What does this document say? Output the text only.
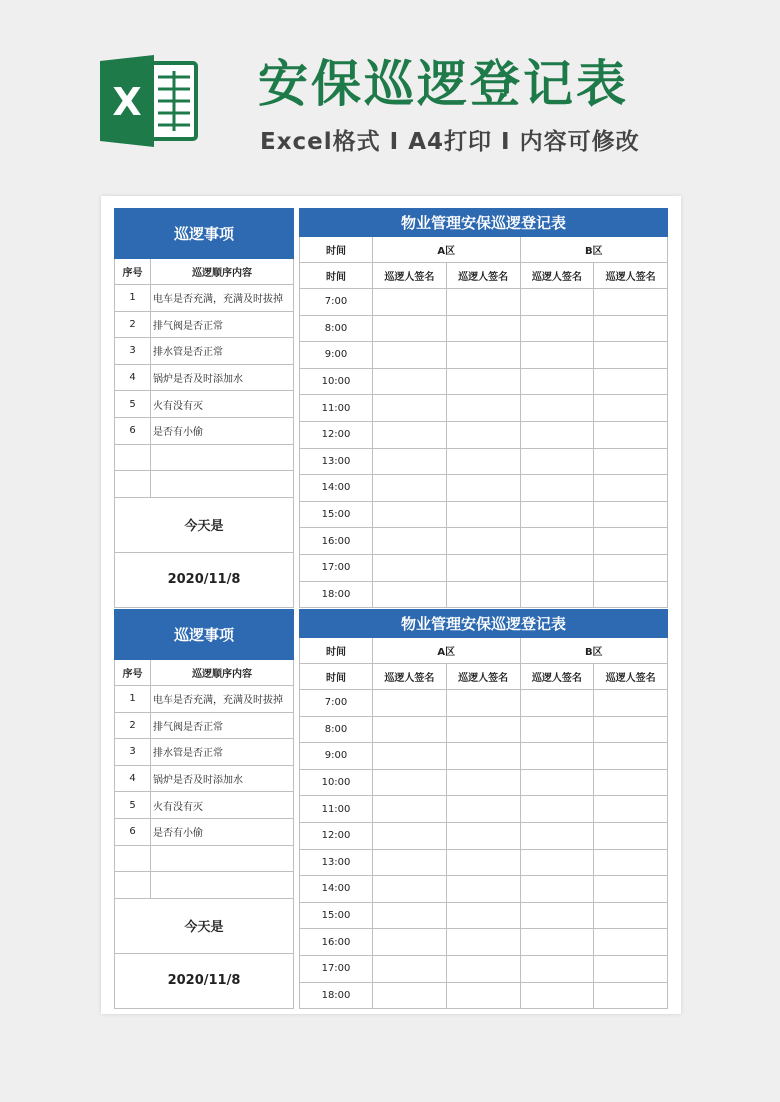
X 安保巡逻登记表
Excel格式 I A4打印 I 内容可修改
巡逻事项	
序号	巡逻顺序内容
1	电车是否充满，充满及时拔掉
2	排气阀是否正常
3	排水管是否正常
4	锅炉是否及时添加水
5	火有没有灭
6	是否有小偷

今天是	
2020/11/8	
物业管理安保巡逻登记表				
时间	A区		B区	
时间	巡逻人签名	巡逻人签名	巡逻人签名	巡逻人签名
7:00				
8:00				
9:00				
10:00				
11:00				
12:00				
13:00				
14:00				
15:00				
16:00				
17:00				
18:00				
巡逻事项	
序号	巡逻顺序内容
1	电车是否充满，充满及时拔掉
2	排气阀是否正常
3	排水管是否正常
4	锅炉是否及时添加水
5	火有没有灭
6	是否有小偷

今天是	
2020/11/8	
物业管理安保巡逻登记表				
时间	A区		B区	
时间	巡逻人签名	巡逻人签名	巡逻人签名	巡逻人签名
7:00				
8:00				
9:00				
10:00				
11:00				
12:00				
13:00				
14:00				
15:00				
16:00				
17:00				
18:00				
